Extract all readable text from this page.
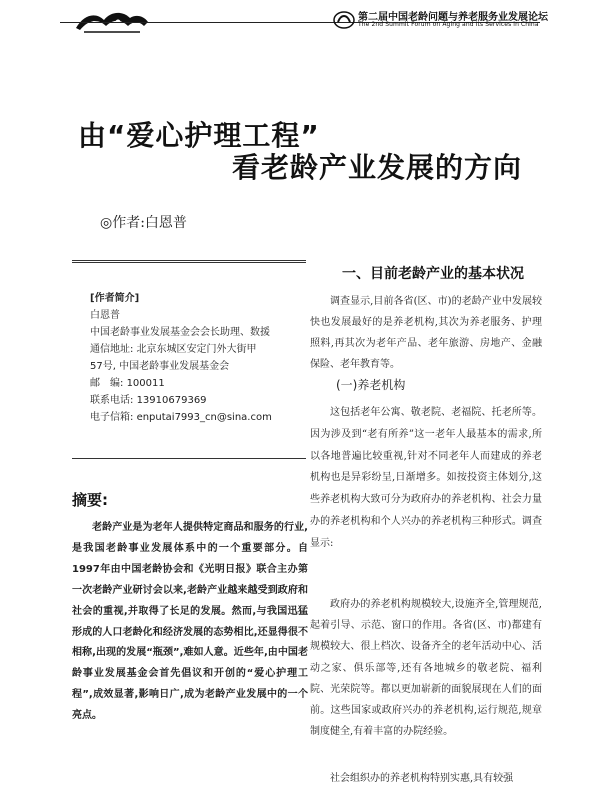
第二届中国老龄问题与养老服务业发展论坛
The 2nd Summit Forum on Aging and Its Services in China
由“爱心护理工程”
看老龄产业发展的方向
◎作者:白恩普
[作者简介]
白恩普
中国老龄事业发展基金会会长助理、数援
通信地址: 北京东城区安定门外大街甲
57号, 中国老龄事业发展基金会
邮　编: 100011
联系电话: 13910679369
电子信箱: enputai7993_cn@sina.com
摘要:

老龄产业是为老年人提供特定商品和服务的行业,是我国老龄事业发展体系中的一个重要部分。自1997年由中国老龄协会和《光明日报》联合主办第一次老龄产业研讨会以来,老龄产业越来越受到政府和社会的重视,并取得了长足的发展。然而,与我国迅猛形成的人口老龄化和经济发展的态势相比,还显得很不相称,出现的发展“瓶颈”,难如人意。近些年,由中国老龄事业发展基金会首先倡议和开创的“爱心护理工程”,成效显著,影响日广,成为老龄产业发展中的一个亮点。

一、目前老龄产业的基本状况

调查显示,目前各省(区、市)的老龄产业中发展较快也发展最好的是养老机构,其次为养老服务、护理照料,再其次为老年产品、老年旅游、房地产、金融保险、老年教育等。

(一)养老机构

这包括老年公寓、敬老院、老福院、托老所等。因为涉及到“老有所养”这一老年人最基本的需求,所以各地普遍比较重视,针对不同老年人而建成的养老机构也是异彩纷呈,日渐增多。如按投资主体划分,这些养老机构大致可分为政府办的养老机构、社会力量办的养老机构和个人兴办的养老机构三种形式。调查显示:

政府办的养老机构规模较大,设施齐全,管理规范,起着引导、示范、窗口的作用。各省(区、市)都建有规模较大、很上档次、设备齐全的老年活动中心、活动之家、俱乐部等,还有各地城乡的敬老院、福利院、光荣院等。都以更加崭新的面貌展现在人们的面前。这些国家或政府兴办的养老机构,运行规范,规章制度健全,有着丰富的办院经验。

社会组织办的养老机构特别实惠,具有较强
